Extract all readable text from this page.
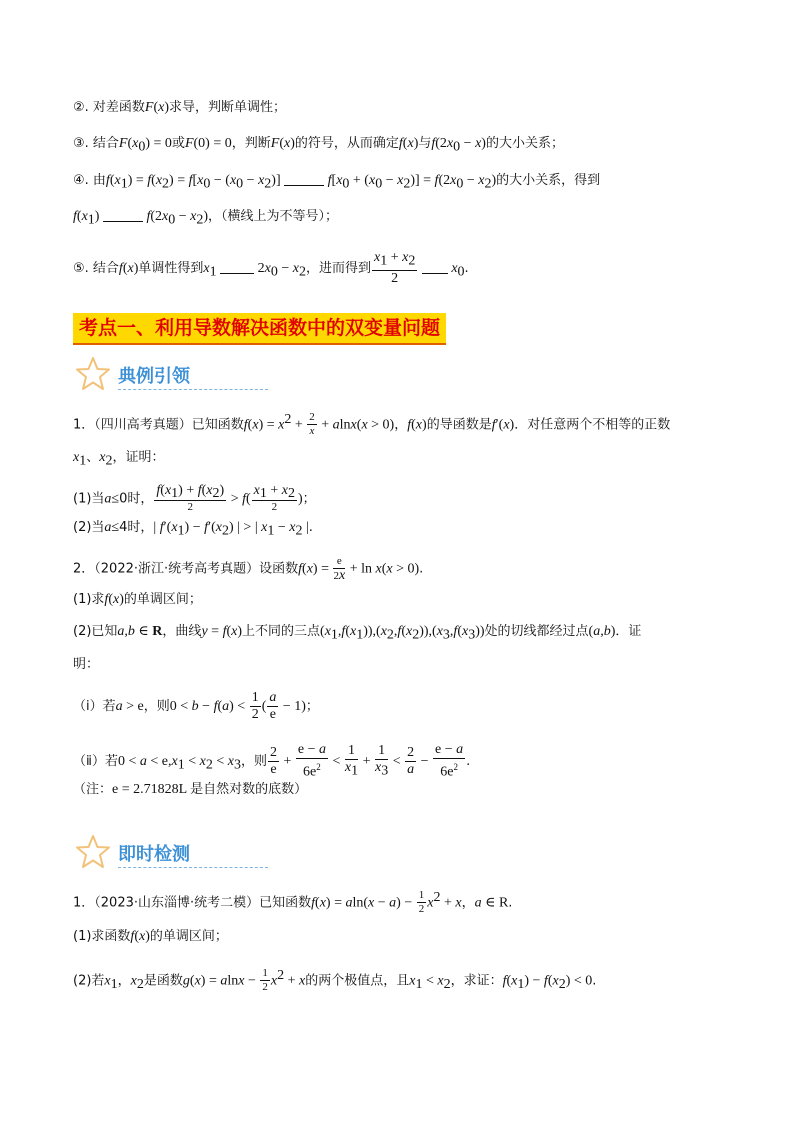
②. 对差函数F(x)求导，判断单调性；
③. 结合$F(x_0) = 0$或F(0) = 0，判断F(x)的符号，从而确定f(x)与$f(2x_0 - x)$的大小关系；
④. 由$f(x_1) = f(x_2) = f[x_0 - (x_0 - x_2)]$	$f[x_0 + (x_0 - x_2)] = f(2x_0 - x_2)$的大小关系，得到
$f(x_1)$	$f(2x_0 - x_2)$，（横线上为不等号）；
⑤. 结合f(x)单调性得到$x_1$	$2x_0 - x_2$，进而得到 $\frac{x_1 + x_2}{2} x_0$.
考点一、利用导数解决函数中的双变量问题
典例引领
1．（四川高考真题）已知函数$f(x) = x^2 + \frac{2}{x} + alnx(x > 0)$，f(x)的导函数是f′(x)．对任意两个不相等的正数
$x_1$、$x_2$，证明：
(1)当a≤0时， $\frac{f(x_1) + f(x_2)}{2} > f( \frac{x_1 + x_2}{2}$ )；
(2)当a≤4时，| $f'(x_1) - f'(x_2)$ | > | $x_1 - x_2$ |.
2．（2022·浙江·统考高考真题）设函数$f(x) = \frac{e}{2x} + \ln x(x > 0)$.
(1)求f(x)的单调区间；
(2)已知a,b ∈ R，曲线y = f(x)上不同的三点$(x_1,f(x_1)),(x_2,f(x_2)),(x_3,f(x_3))$处的切线都经过点(a,b)．证
明：
（ⅰ）若a > e，则$0 < b - f(a) < \frac{1}{2}$ ( $\frac{a}{e} - 1$)；
（ⅱ）若$0 < a < e,x_1 < x_2 < x_3$，则 $\frac{2}{e} + \frac{e - a}{6e^2} < \frac{1}{x_1} + \frac{1}{x_3} < \frac{2}{a} - \frac{e - a}{6e^2}$ .
（注：e = 2.71828L 是自然对数的底数）
即时检测
1．（2023·山东淄博·统考二模）已知函数$f(x) = aln(x - a) - \frac{1}{2} x^2 + x$，a ∈ R.
(1)求函数f(x)的单调区间；
(2)若$x_1$，$x_2$是函数$g(x) = alnx - \frac{1}{2} x^2 + x$的两个极值点，且$x_1 < x_2$，求证：$f(x_1) - f(x_2) < 0$.
